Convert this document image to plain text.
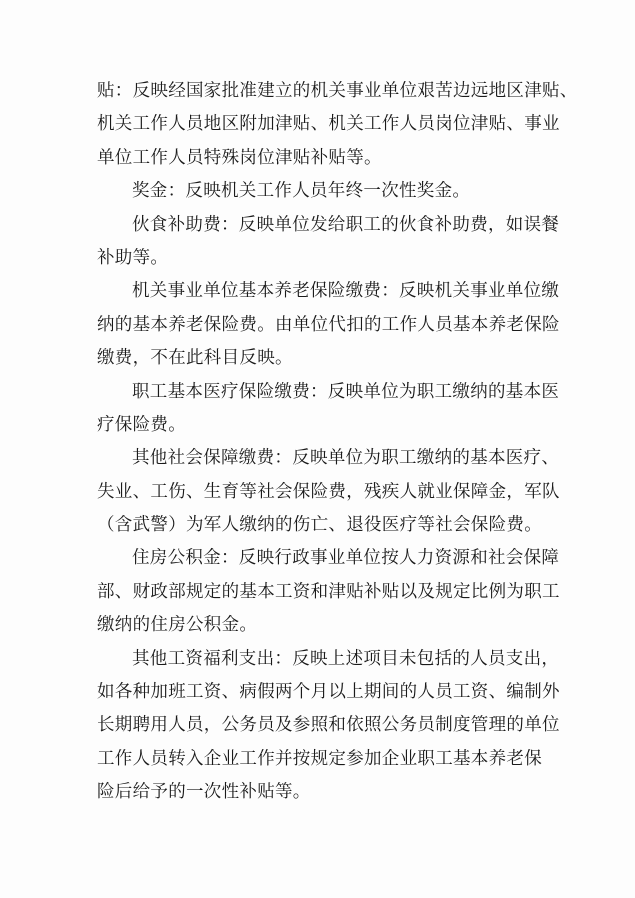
贴：反映经国家批准建立的机关事业单位艰苦边远地区津贴、
机关工作人员地区附加津贴、机关工作人员岗位津贴、事业
单位工作人员特殊岗位津贴补贴等。

奖金：反映机关工作人员年终一次性奖金。

伙食补助费：反映单位发给职工的伙食补助费，如误餐
补助等。

机关事业单位基本养老保险缴费：反映机关事业单位缴
纳的基本养老保险费。由单位代扣的工作人员基本养老保险
缴费，不在此科目反映。

职工基本医疗保险缴费：反映单位为职工缴纳的基本医
疗保险费。

其他社会保障缴费：反映单位为职工缴纳的基本医疗、
失业、工伤、生育等社会保险费，残疾人就业保障金，军队
（含武警）为军人缴纳的伤亡、退役医疗等社会保险费。

住房公积金：反映行政事业单位按人力资源和社会保障
部、财政部规定的基本工资和津贴补贴以及规定比例为职工
缴纳的住房公积金。

其他工资福利支出：反映上述项目未包括的人员支出，
如各种加班工资、病假两个月以上期间的人员工资、编制外
长期聘用人员，公务员及参照和依照公务员制度管理的单位
工作人员转入企业工作并按规定参加企业职工基本养老保
险后给予的一次性补贴等。
